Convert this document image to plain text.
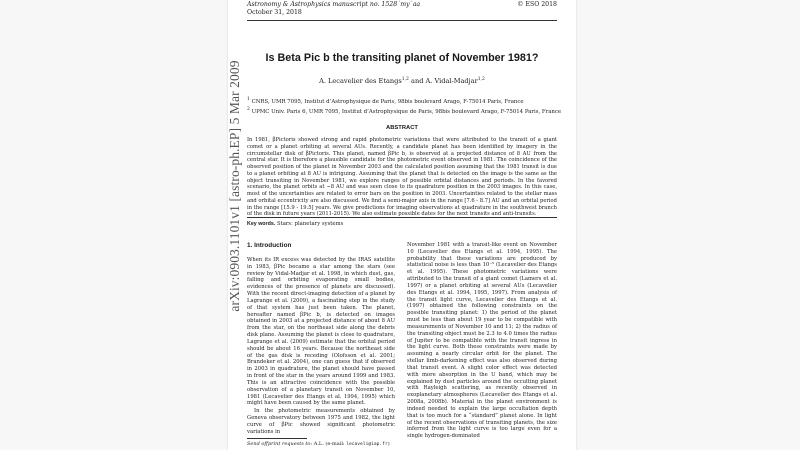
Astronomy & Astrophysics manuscript no. 1528˙my˙aa
October 31, 2018
© ESO 2018
arXiv:0903.1101v1 [astro-ph.EP] 5 Mar 2009
Is Beta Pic b the transiting planet of November 1981?
A. Lecavelier des Etangs$^{1,2}$ and A. Vidal-Madjar$^{1,2}$
$^1$ CNRS, UMR 7095, Institut d’Astrophysique de Paris, 98bis boulevard Arago, F-75014 Paris, France
$^2$ UPMC Univ. Paris 6, UMR 7095, Institut d’Astrophysique de Paris, 98bis boulevard Arago, F-75014 Paris, France
ABSTRACT
In 1981, βPictoris showed strong and rapid photometric variations that were attributed to the transit of a giant comet or a planet orbiting at several AUs. Recently, a candidate planet has been identified by imagery in the circumstellar disk of βPictoris. This planet, named βPic b, is observed at a projected distance of 8 AU from the central star. It is therefore a plausible candidate for the photometric event observed in 1981. The coincidence of the observed position of the planet in November 2003 and the calculated position assuming that the 1981 transit is due to a planet orbiting at 8 AU is intriguing. Assuming that the planet that is detected on the image is the same as the object transiting in November 1981, we explore ranges of possible orbital distances and periods. In the favored scenario, the planet orbits at ∼8 AU and was seen close to its quadrature position in the 2003 images. In this case, most of the uncertainties are related to error bars on the position in 2003. Uncertainties related to the stellar mass and orbital eccentricity are also discussed. We find a semi-major axis in the range [7.6 - 8.7] AU and an orbital period in the range [15.9 - 19.5] years. We give predictions for imaging observations at quadrature in the southwest branch of the disk in future years (2011-2015). We also estimate possible dates for the next transits and anti-transits.
Key words. Stars: planetary systems
1. Introduction

When its IR excess was detected by the IRAS satellite in 1983, βPic became a star among the stars (see review by Vidal-Madjar et al. 1998, in which dust, gas, falling and orbiting evaporating small bodies, evidences of the presence of planets are discussed). With the recent direct-imaging detection of a planet by Lagrange et al. (2009), a fascinating step in the study of that system has just been taken. The planet, hereafter named βPic b, is detected on images obtained in 2003 at a projected distance of about 8 AU from the star, on the northeast side along the debris disk plane. Assuming the planet is close to quadrature, Lagrange et al. (2009) estimate that the orbital period should be about 16 years. Because the northeast side of the gas disk is receding (Olofsson et al. 2001; Brandeker et al. 2004), one can guess that if observed in 2003 in quadrature, the planet should have passed in front of the star in the years around 1999 and 1983. This is an attractive coincidence with the possible observation of a planetary transit on November 10, 1981 (Lecavelier des Etangs et al. 1994, 1995) which might have been caused by the same planet.

In the photometric measurements obtained by Geneva observatory between 1975 and 1982, the light curve of βPic showed significant photometric variations in

November 1981 with a transit-like event on November 10 (Lecavelier des Etangs et al. 1994, 1995). The probability that these variations are produced by statistical noise is less than 10⁻⁵ (Lecavelier des Etangs et al. 1995). These photometric variations were attributed to the transit of a giant comet (Lamers et al. 1997) or a planet orbiting at several AUs (Lecavelier des Etangs et al. 1994, 1995, 1997). From analysis of the transit light curve, Lecavelier des Etangs et al. (1997) obtained the following constraints on the possible transiting planet: 1) the period of the planet must be less than about 19 year to be compatible with measurements of November 10 and 11; 2) the radius of the transiting object must be 2.3 to 4.0 times the radius of Jupiter to be compatible with the transit ingress in the light curve. Both these constraints were made by assuming a nearly circular orbit for the planet. The stellar limb-darkening effect was also observed during that transit event. A slight color effect was detected with more absorption in the U band, which may be explained by dust particles around the occulting planet with Rayleigh scattering, as recently observed in exoplanetary atmospheres (Lecavelier des Etangs et al. 2008a, 2008b). Material in the planet environment is indeed needed to explain the large occultation depth that is too much for a “standard” planet alone. In light of the recent observations of transiting planets, the size inferred from the light curve is too large even for a single hydrogen-dominated

Send offprint requests to: A.L. (e-mail: lecaveli@iap.fr)
